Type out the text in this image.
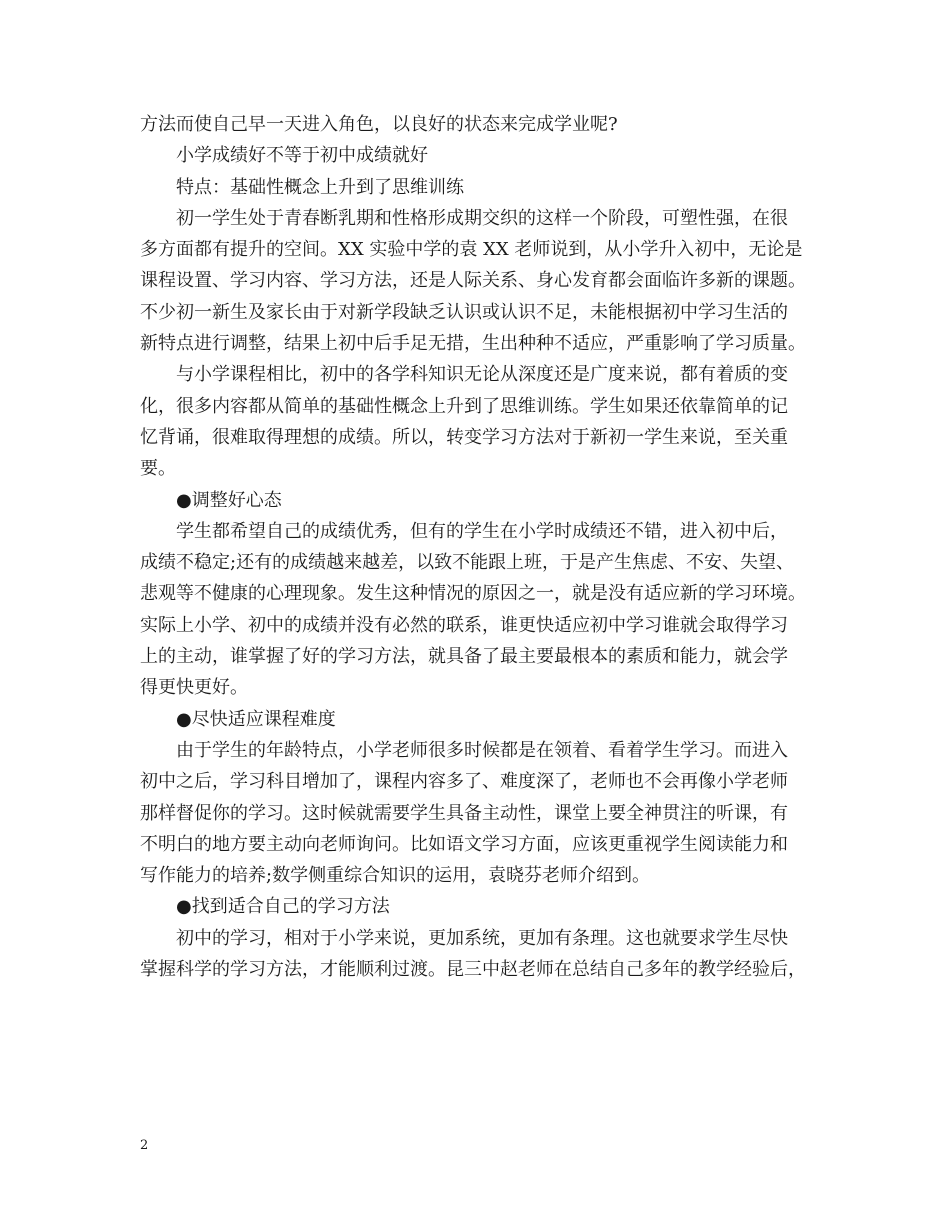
方法而使自己早一天进入角色，以良好的状态来完成学业呢?
小学成绩好不等于初中成绩就好
特点：基础性概念上升到了思维训练
初一学生处于青春断乳期和性格形成期交织的这样一个阶段，可塑性强，在很
多方面都有提升的空间。XX 实验中学的袁 XX 老师说到，从小学升入初中，无论是
课程设置、学习内容、学习方法，还是人际关系、身心发育都会面临许多新的课题。
不少初一新生及家长由于对新学段缺乏认识或认识不足，未能根据初中学习生活的
新特点进行调整，结果上初中后手足无措，生出种种不适应，严重影响了学习质量。
与小学课程相比，初中的各学科知识无论从深度还是广度来说，都有着质的变
化，很多内容都从简单的基础性概念上升到了思维训练。学生如果还依靠简单的记
忆背诵，很难取得理想的成绩。所以，转变学习方法对于新初一学生来说，至关重
要。
●调整好心态
学生都希望自己的成绩优秀，但有的学生在小学时成绩还不错，进入初中后，
成绩不稳定;还有的成绩越来越差，以致不能跟上班，于是产生焦虑、不安、失望、
悲观等不健康的心理现象。发生这种情况的原因之一，就是没有适应新的学习环境。
实际上小学、初中的成绩并没有必然的联系，谁更快适应初中学习谁就会取得学习
上的主动，谁掌握了好的学习方法，就具备了最主要最根本的素质和能力，就会学
得更快更好。
●尽快适应课程难度
由于学生的年龄特点，小学老师很多时候都是在领着、看着学生学习。而进入
初中之后，学习科目增加了，课程内容多了、难度深了，老师也不会再像小学老师
那样督促你的学习。这时候就需要学生具备主动性，课堂上要全神贯注的听课，有
不明白的地方要主动向老师询问。比如语文学习方面，应该更重视学生阅读能力和
写作能力的培养;数学侧重综合知识的运用，袁晓芬老师介绍到。
●找到适合自己的学习方法
初中的学习，相对于小学来说，更加系统，更加有条理。这也就要求学生尽快
掌握科学的学习方法，才能顺利过渡。昆三中赵老师在总结自己多年的教学经验后，
2
